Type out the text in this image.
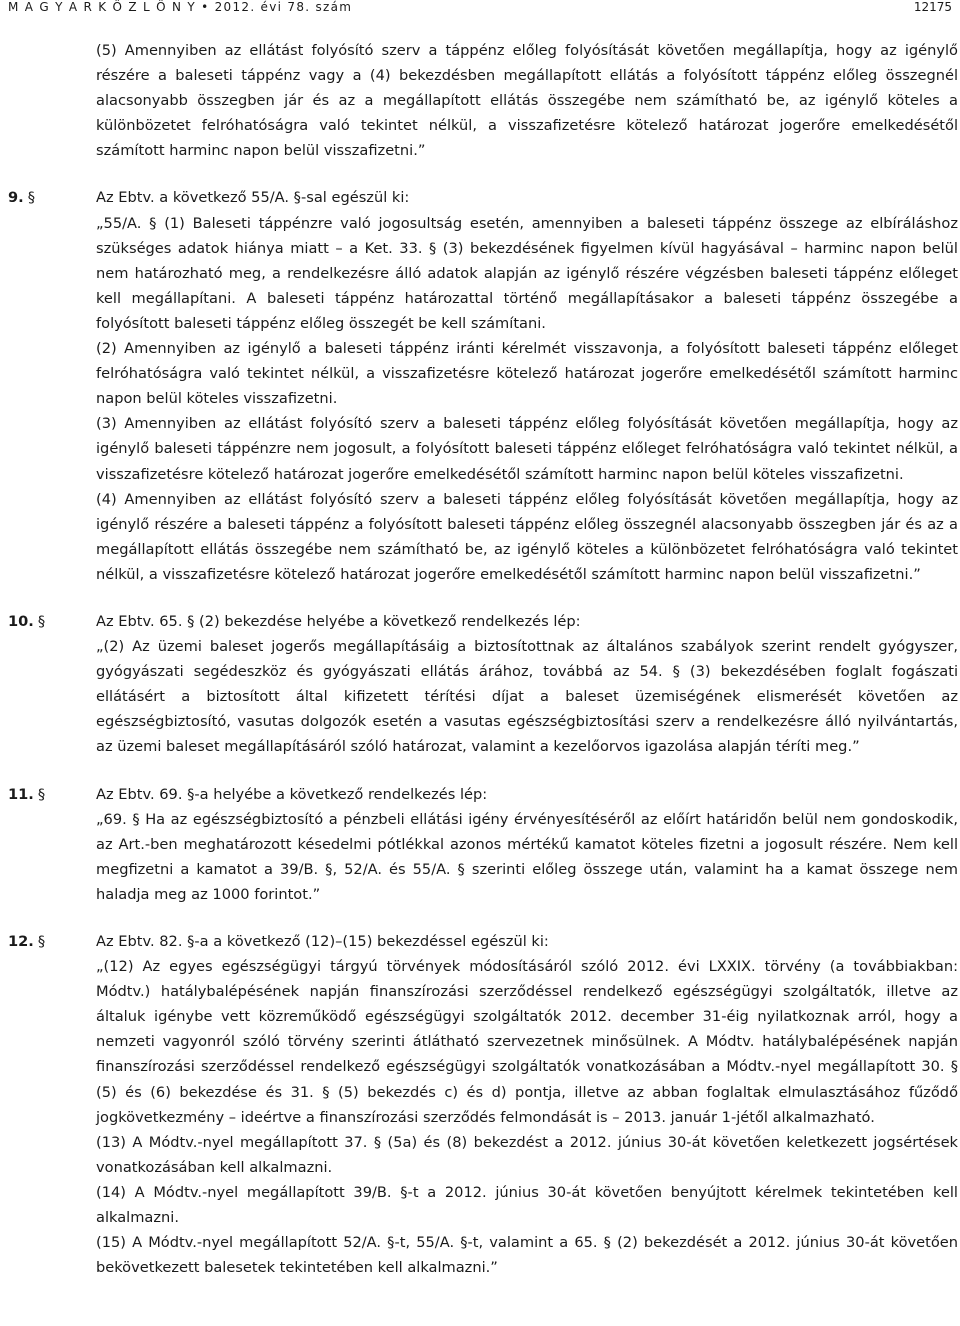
M A G Y A R K Ö Z L Ö N Y • 2012. évi 78. szám	12175

(5) Amennyiben az ellátást folyósító szerv a táppénz előleg folyósítását követően megállapítja, hogy az igénylő részére a baleseti táppénz vagy a (4) bekezdésben megállapított ellátás a folyósított táppénz előleg összegnél alacsonyabb összegben jár és az a megállapított ellátás összegébe nem számítható be, az igénylő köteles a különbözetet felróhatóságra való tekintet nélkül, a visszafizetésre kötelező határozat jogerőre emelkedésétől számított harminc napon belül visszafizetni.”

9. §	Az Ebtv. a következő 55/A. §-sal egészül ki:

„55/A. § (1) Baleseti táppénzre való jogosultság esetén, amennyiben a baleseti táppénz összege az elbíráláshoz szükséges adatok hiánya miatt – a Ket. 33. § (3) bekezdésének figyelmen kívül hagyásával – harminc napon belül nem határozható meg, a rendelkezésre álló adatok alapján az igénylő részére végzésben baleseti táppénz előleget kell megállapítani. A baleseti táppénz határozattal történő megállapításakor a baleseti táppénz összegébe a folyósított baleseti táppénz előleg összegét be kell számítani.

(2) Amennyiben az igénylő a baleseti táppénz iránti kérelmét visszavonja, a folyósított baleseti táppénz előleget felróhatóságra való tekintet nélkül, a visszafizetésre kötelező határozat jogerőre emelkedésétől számított harminc napon belül köteles visszafizetni.

(3) Amennyiben az ellátást folyósító szerv a baleseti táppénz előleg folyósítását követően megállapítja, hogy az igénylő baleseti táppénzre nem jogosult, a folyósított baleseti táppénz előleget felróhatóságra való tekintet nélkül, a visszafizetésre kötelező határozat jogerőre emelkedésétől számított harminc napon belül köteles visszafizetni.

(4) Amennyiben az ellátást folyósító szerv a baleseti táppénz előleg folyósítását követően megállapítja, hogy az igénylő részére a baleseti táppénz a folyósított baleseti táppénz előleg összegnél alacsonyabb összegben jár és az a megállapított ellátás összegébe nem számítható be, az igénylő köteles a különbözetet felróhatóságra való tekintet nélkül, a visszafizetésre kötelező határozat jogerőre emelkedésétől számított harminc napon belül visszafizetni.”

10. §	Az Ebtv. 65. § (2) bekezdése helyébe a következő rendelkezés lép:

„(2) Az üzemi baleset jogerős megállapításáig a biztosítottnak az általános szabályok szerint rendelt gyógyszer, gyógyászati segédeszköz és gyógyászati ellátás árához, továbbá az 54. § (3) bekezdésében foglalt fogászati ellátásért a biztosított által kifizetett térítési díjat a baleset üzemiségének elismerését követően az egészségbiztosító, vasutas dolgozók esetén a vasutas egészségbiztosítási szerv a rendelkezésre álló nyilvántartás, az üzemi baleset megállapításáról szóló határozat, valamint a kezelőorvos igazolása alapján téríti meg.”

11. §	Az Ebtv. 69. §-a helyébe a következő rendelkezés lép:

„69. § Ha az egészségbiztosító a pénzbeli ellátási igény érvényesítéséről az előírt határidőn belül nem gondoskodik, az Art.-ben meghatározott késedelmi pótlékkal azonos mértékű kamatot köteles fizetni a jogosult részére. Nem kell megfizetni a kamatot a 39/B. §, 52/A. és 55/A. § szerinti előleg összege után, valamint ha a kamat összege nem haladja meg az 1000 forintot.”

12. §	Az Ebtv. 82. §-a a következő (12)–(15) bekezdéssel egészül ki:

„(12) Az egyes egészségügyi tárgyú törvények módosításáról szóló 2012. évi LXXIX. törvény (a továbbiakban: Módtv.) hatálybalépésének napján finanszírozási szerződéssel rendelkező egészségügyi szolgáltatók, illetve az általuk igénybe vett közreműködő egészségügyi szolgáltatók 2012. december 31-éig nyilatkoznak arról, hogy a nemzeti vagyonról szóló törvény szerinti átlátható szervezetnek minősülnek. A Módtv. hatálybalépésének napján finanszírozási szerződéssel rendelkező egészségügyi szolgáltatók vonatkozásában a Módtv.-nyel megállapított 30. § (5) és (6) bekezdése és 31. § (5) bekezdés c) és d) pontja, illetve az abban foglaltak elmulasztásához fűződő jogkövetkezmény – ideértve a finanszírozási szerződés felmondását is – 2013. január 1-jétől alkalmazható.

(13) A Módtv.-nyel megállapított 37. § (5a) és (8) bekezdést a 2012. június 30-át követően keletkezett jogsértések vonatkozásában kell alkalmazni.

(14) A Módtv.-nyel megállapított 39/B. §-t a 2012. június 30-át követően benyújtott kérelmek tekintetében kell alkalmazni.

(15) A Módtv.-nyel megállapított 52/A. §-t, 55/A. §-t, valamint a 65. § (2) bekezdését a 2012. június 30-át követően bekövetkezett balesetek tekintetében kell alkalmazni.”
